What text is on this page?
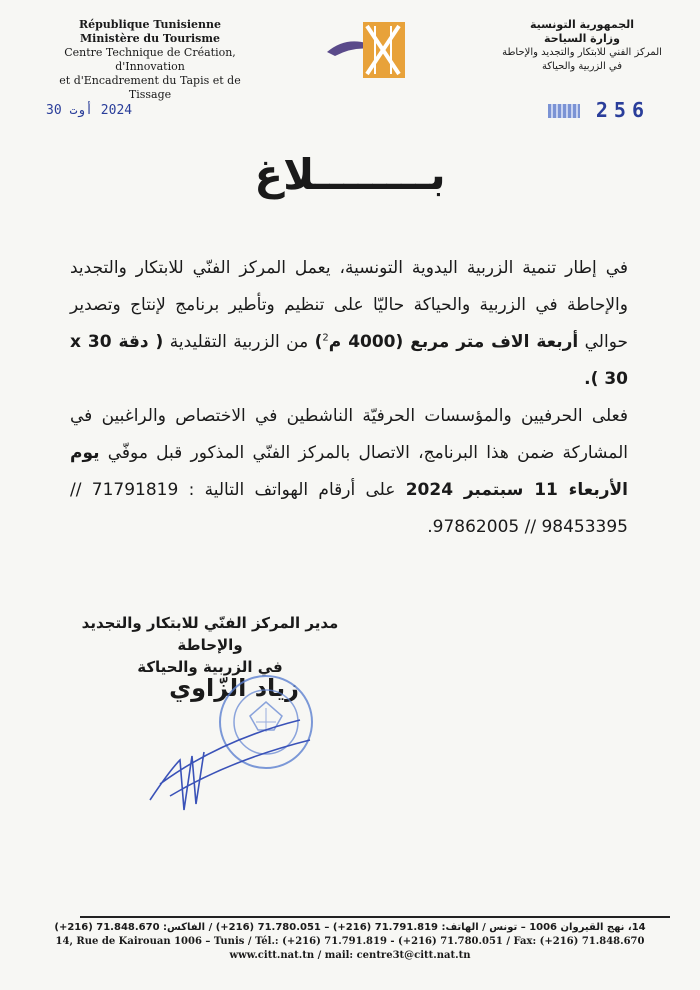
République Tunisienne
Ministère du Tourisme
Centre Technique de Création, d'Innovation
et d'Encadrement du Tapis et de Tissage
الجمهورية التونسية
وزارة السياحة
المركز الفني للابتكار والتجديد والإحاطة
في الزربية والحياكة
2024 أوت 30	256
بــــــــلاغ

في إطار تنمية الزربية اليدوية التونسية، يعمل المركز الفنّي للابتكار والتجديد والإحاطة في الزربية والحياكة حاليّا على تنظيم وتأطير برنامج لإنتاج وتصدير حوالي أربعة الاف متر مربع (4000 م$^2$) من الزربية التقليدية ( دقة 30 x 30 ).

فعلى الحرفيين والمؤسسات الحرفيّة الناشطين في الاختصاص والراغبين في المشاركة ضمن هذا البرنامج، الاتصال بالمركز الفنّي المذكور قبل موفّي يوم الأربعاء 11 سبتمبر 2024 على أرقام الهواتف التالية : 71791819 // 98453395 // 97862005.

مدير المركز الفنّي للابتكار والتجديد والإحاطة
في الزربية والحياكة
زياد الزّاوي
14، نهج القيروان 1006 – تونس / الهاتف: 71.791.819 (216+) – 71.780.051 (216+) / الفاكس: 71.848.670 (216+)
14, Rue de Kairouan 1006 – Tunis / Tél.: (+216) 71.791.819 - (+216) 71.780.051 / Fax: (+216) 71.848.670
www.citt.nat.tn / mail: centre3t@citt.nat.tn
